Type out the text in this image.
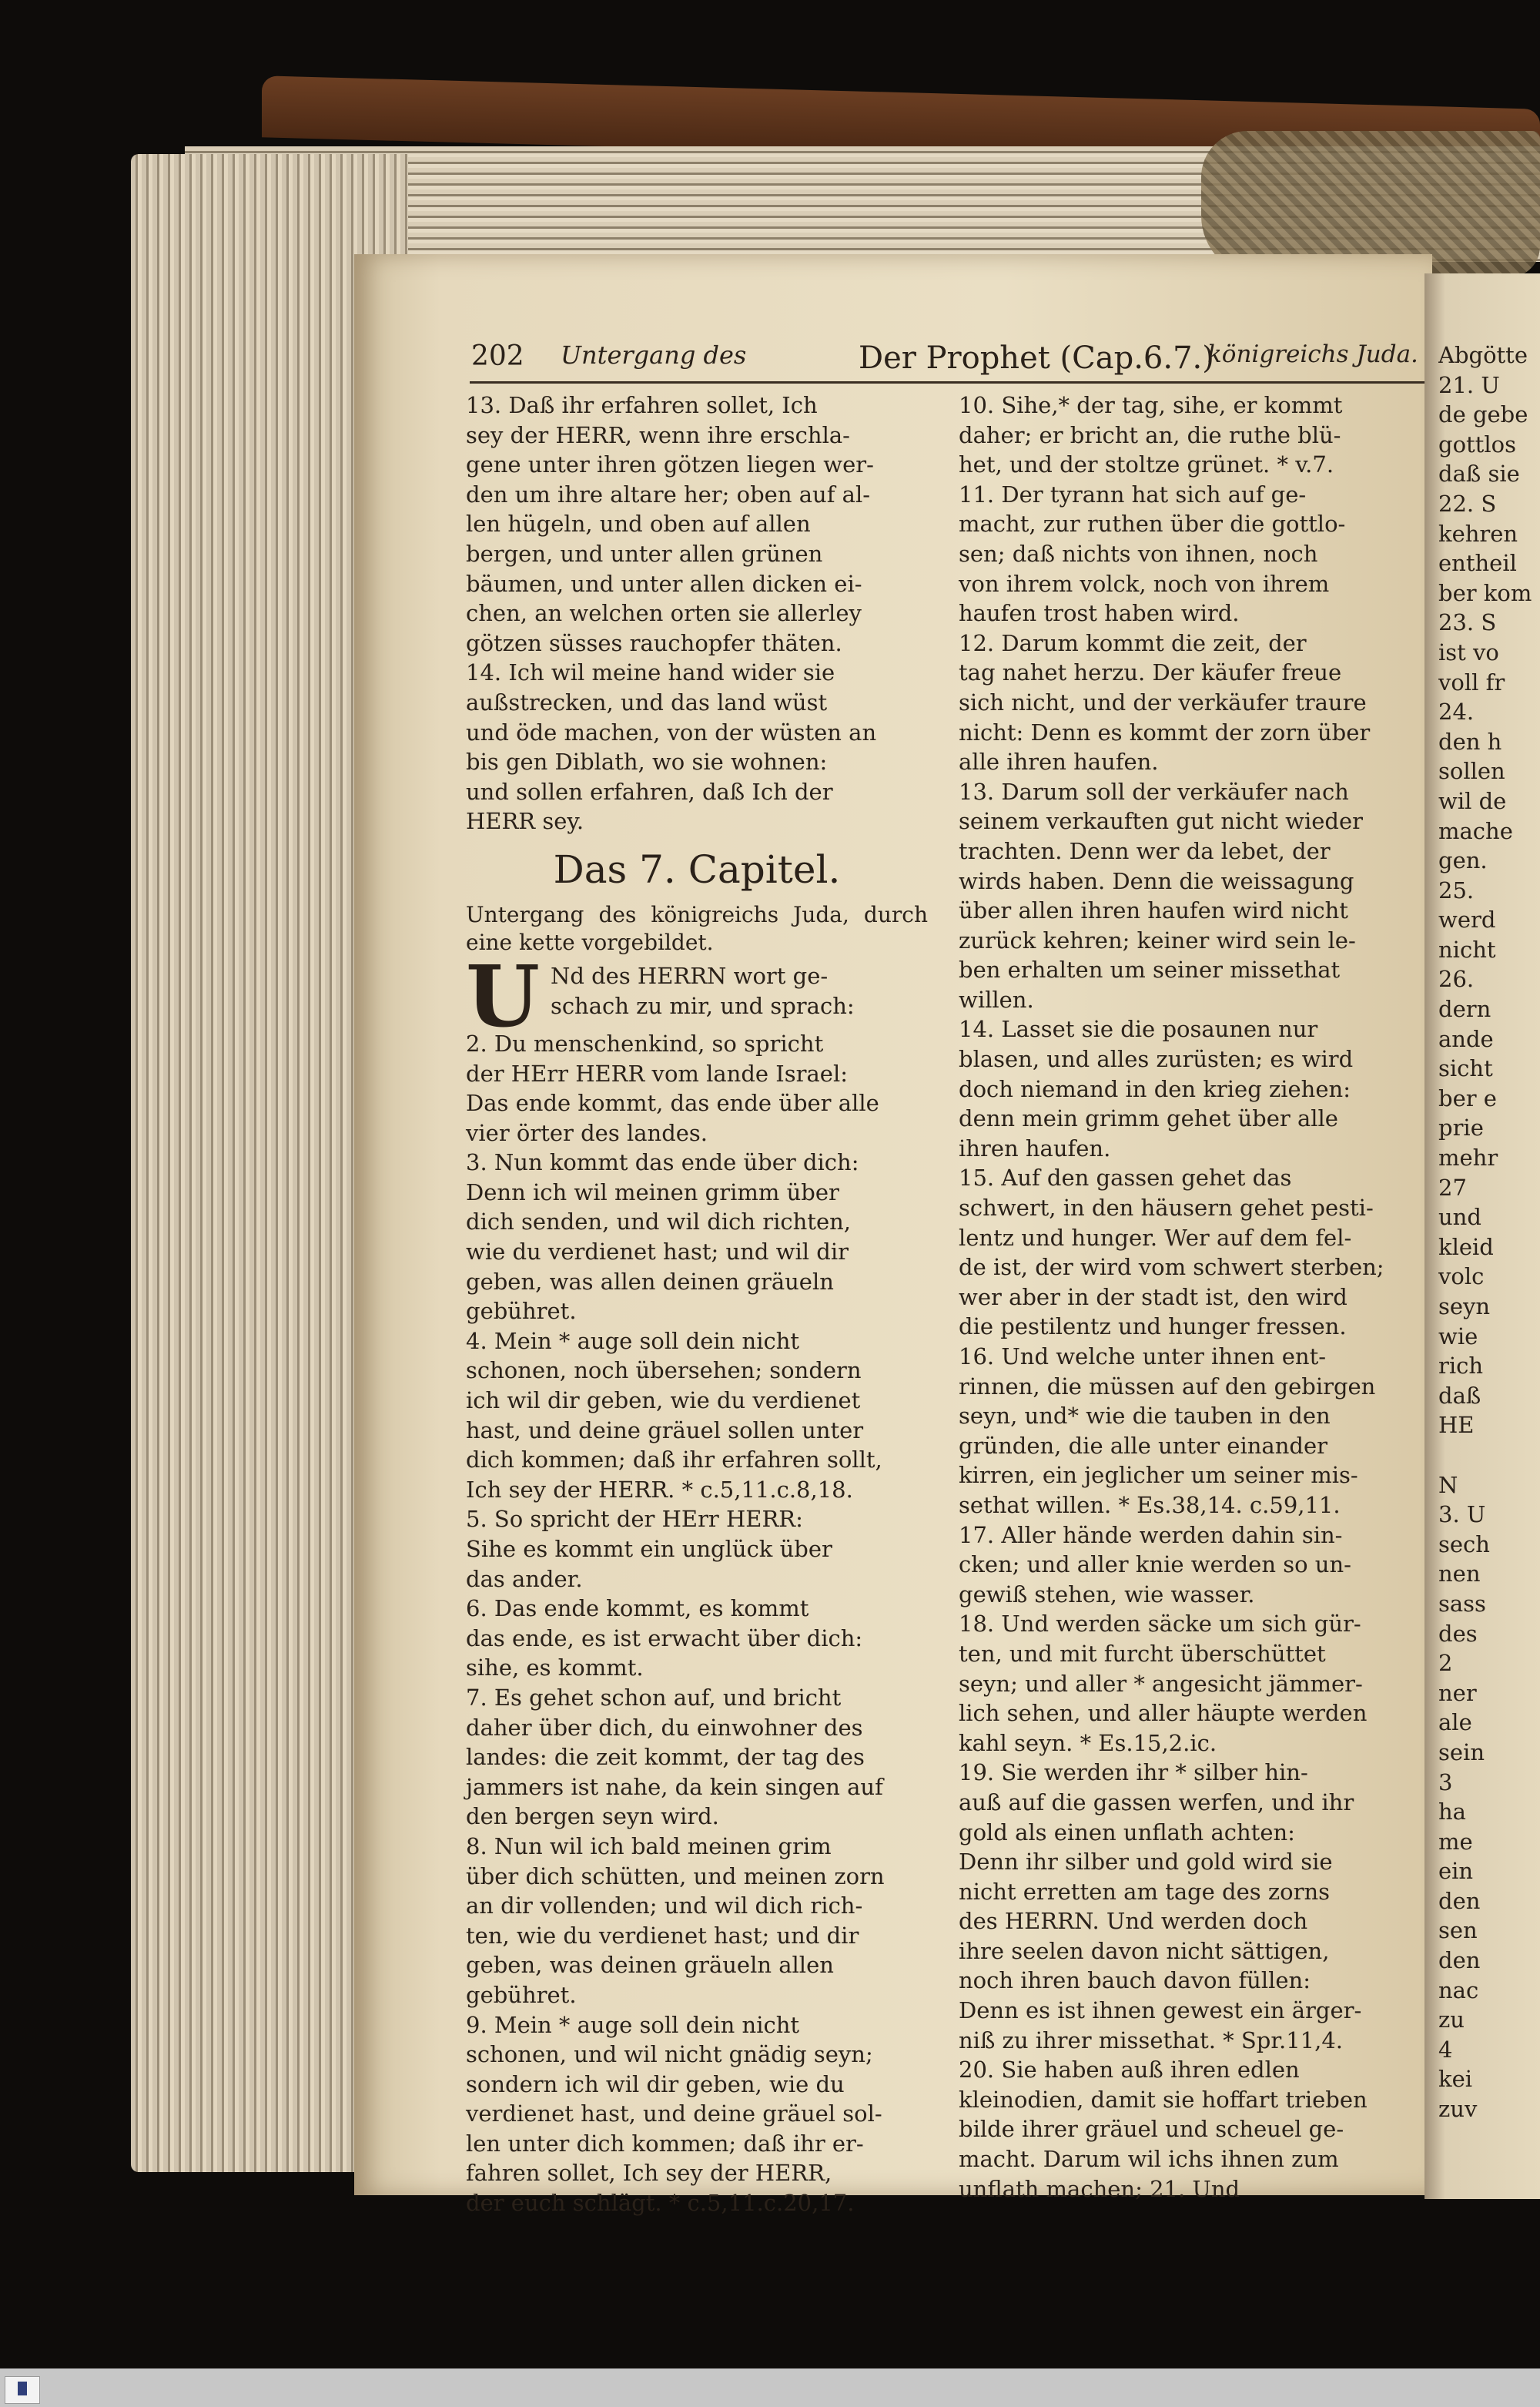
202 Untergang des	Der Prophet (Cap.6.7.)
königreichs Juda.

13. Daß ihr erfahren sollet, Ich

sey der HERR, wenn ihre erschla-

gene unter ihren götzen liegen wer-

den um ihre altare her; oben auf al-

len hügeln, und oben auf allen

bergen, und unter allen grünen

bäumen, und unter allen dicken ei-

chen, an welchen orten sie allerley

götzen süsses rauchopfer thäten.

14. Ich wil meine hand wider sie

außstrecken, und das land wüst

und öde machen, von der wüsten an

bis gen Diblath, wo sie wohnen:

und sollen erfahren, daß Ich der

HERR sey.

Das 7. Capitel.
Untergang des königreichs Juda, durch eine kette vorgebildet.
U Nd des HERRN wort ge-

schach zu mir, und sprach:

2. Du menschenkind, so spricht

der HErr HERR vom lande Israel:

Das ende kommt, das ende über alle

vier örter des landes.

3. Nun kommt das ende über dich:

Denn ich wil meinen grimm über

dich senden, und wil dich richten,

wie du verdienet hast; und wil dir

geben, was allen deinen gräueln

gebühret.

4. Mein * auge soll dein nicht

schonen, noch übersehen; sondern

ich wil dir geben, wie du verdienet

hast, und deine gräuel sollen unter

dich kommen; daß ihr erfahren sollt,

Ich sey der HERR. * c.5,11.c.8,18.

5. So spricht der HErr HERR:

Sihe es kommt ein unglück über

das ander.

6. Das ende kommt, es kommt

das ende, es ist erwacht über dich:

sihe, es kommt.

7. Es gehet schon auf, und bricht

daher über dich, du einwohner des

landes: die zeit kommt, der tag des

jammers ist nahe, da kein singen auf

den bergen seyn wird.

8. Nun wil ich bald meinen grim

über dich schütten, und meinen zorn

an dir vollenden; und wil dich rich-

ten, wie du verdienet hast; und dir

geben, was deinen gräueln allen

gebühret.

9. Mein * auge soll dein nicht

schonen, und wil nicht gnädig seyn;

sondern ich wil dir geben, wie du

verdienet hast, und deine gräuel sol-

len unter dich kommen; daß ihr er-

fahren sollet, Ich sey der HERR,

der euch schlägt. * c.5,11.c.20,17.

10. Sihe,* der tag, sihe, er kommt

daher; er bricht an, die ruthe blü-

het, und der stoltze grünet. * v.7.

11. Der tyrann hat sich auf ge-

macht, zur ruthen über die gottlo-

sen; daß nichts von ihnen, noch

von ihrem volck, noch von ihrem

haufen trost haben wird.

12. Darum kommt die zeit, der

tag nahet herzu. Der käufer freue

sich nicht, und der verkäufer traure

nicht: Denn es kommt der zorn über

alle ihren haufen.

13. Darum soll der verkäufer nach

seinem verkauften gut nicht wieder

trachten. Denn wer da lebet, der

wirds haben. Denn die weissagung

über allen ihren haufen wird nicht

zurück kehren; keiner wird sein le-

ben erhalten um seiner missethat

willen.

14. Lasset sie die posaunen nur

blasen, und alles zurüsten; es wird

doch niemand in den krieg ziehen:

denn mein grimm gehet über alle

ihren haufen.

15. Auf den gassen gehet das

schwert, in den häusern gehet pesti-

lentz und hunger. Wer auf dem fel-

de ist, der wird vom schwert sterben;

wer aber in der stadt ist, den wird

die pestilentz und hunger fressen.

16. Und welche unter ihnen ent-

rinnen, die müssen auf den gebirgen

seyn, und* wie die tauben in den

gründen, die alle unter einander

kirren, ein jeglicher um seiner mis-

sethat willen. * Es.38,14. c.59,11.

17. Aller hände werden dahin sin-

cken; und aller knie werden so un-

gewiß stehen, wie wasser.

18. Und werden säcke um sich gür-

ten, und mit furcht überschüttet

seyn; und aller * angesicht jämmer-

lich sehen, und aller häupte werden

kahl seyn. * Es.15,2.ic.

19. Sie werden ihr * silber hin-

auß auf die gassen werfen, und ihr

gold als einen unflath achten:

Denn ihr silber und gold wird sie

nicht erretten am tage des zorns

des HERRN. Und werden doch

ihre seelen davon nicht sättigen,

noch ihren bauch davon füllen:

Denn es ist ihnen gewest ein ärger-

niß zu ihrer missethat. * Spr.11,4.

20. Sie haben auß ihren edlen

kleinodien, damit sie hoffart trieben

bilde ihrer gräuel und scheuel ge-

macht. Darum wil ichs ihnen zum

unflath machen; 21. Und

Abgötte

21. U

de gebe

gottlos

daß sie

22. S

kehren

entheil

ber kom

23. S

ist vo

voll fr

24.

den h

sollen

wil de

mache

gen.

25.

werd

nicht

26.

dern

ande

sicht

ber e

prie

mehr

27

und

kleid

volc

seyn

wie

rich

daß

HE

N

3. U

sech

nen

sass

des

2

ner

ale

sein

3

ha

me

ein

den

sen

den

nac

zu

4

kei

zuv
